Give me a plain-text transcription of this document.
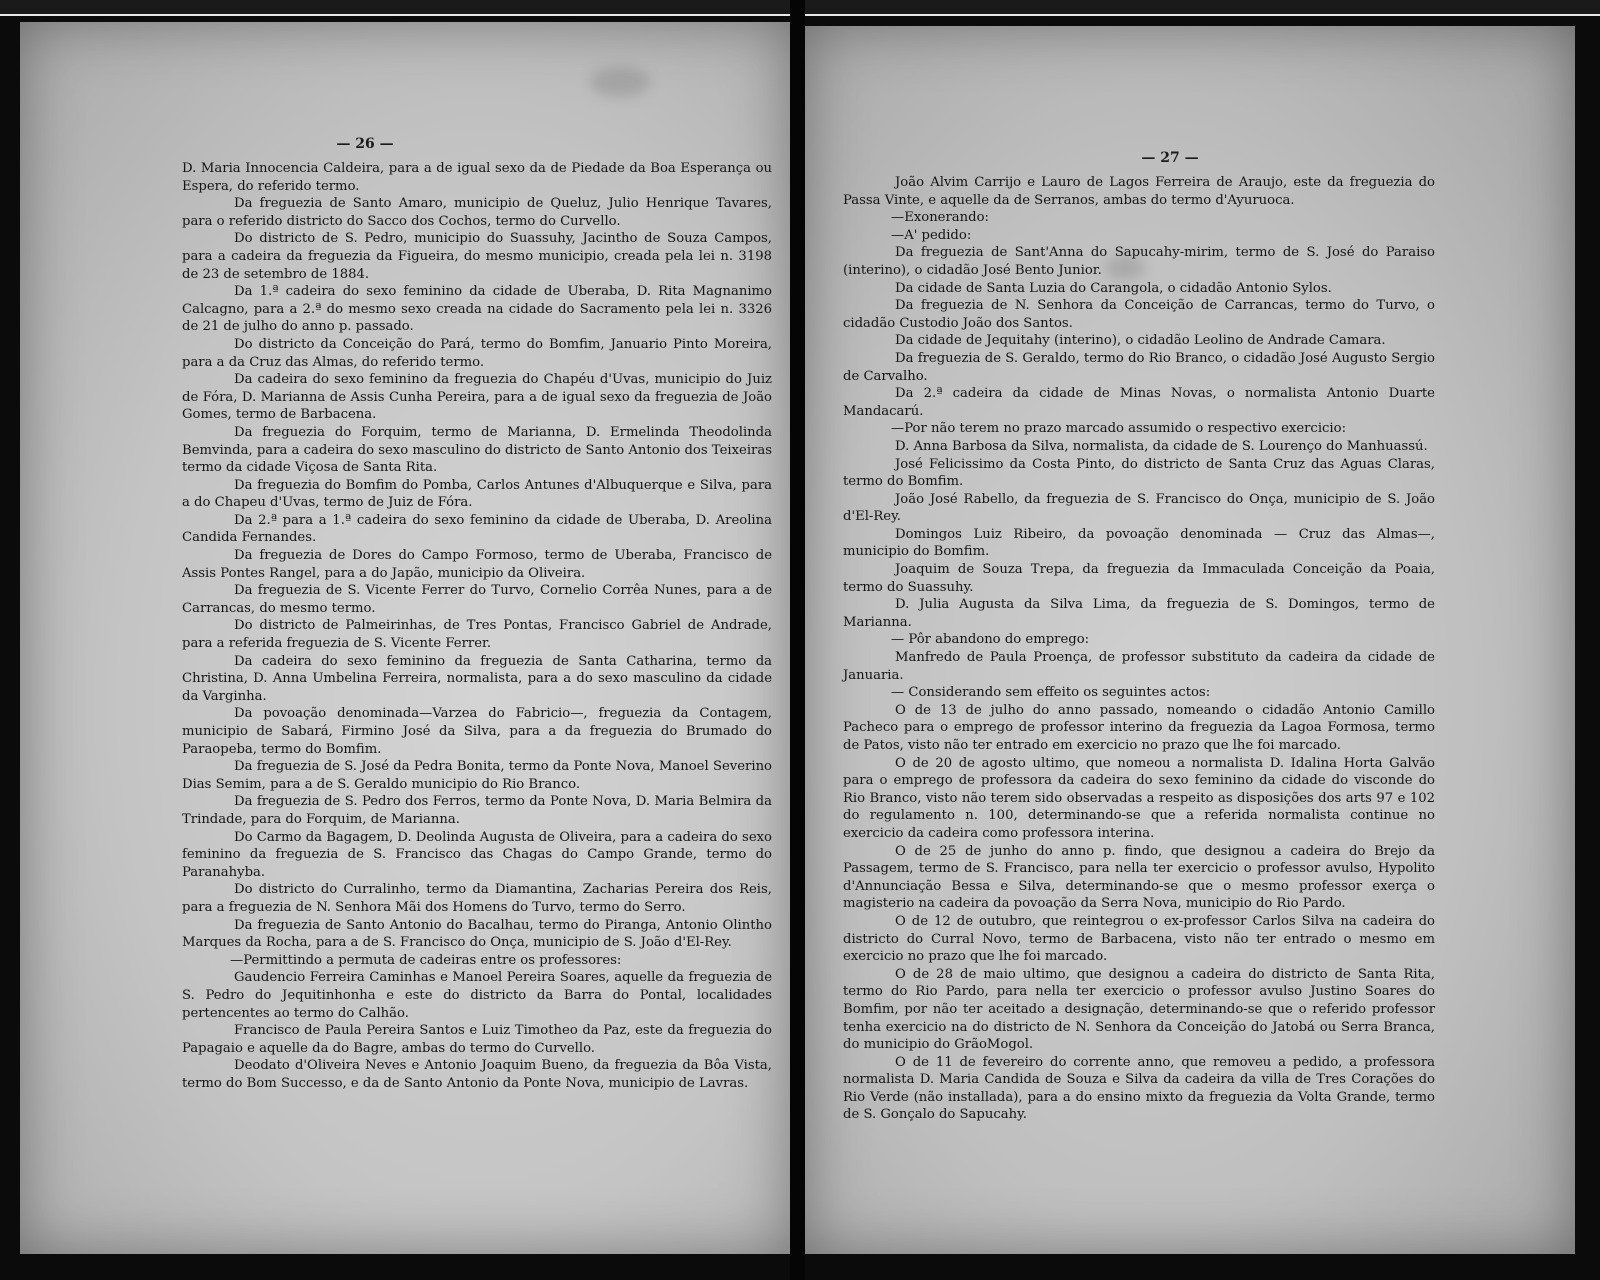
— 26 —

D. Maria Innocencia Caldeira, para a de igual sexo da de Piedade da Boa Esperança ou Espera, do referido termo.

Da freguezia de Santo Amaro, municipio de Queluz, Julio Henrique Tavares, para o referido districto do Sacco dos Cochos, termo do Curvello.

Do districto de S. Pedro, municipio do Suassuhy, Jacintho de Souza Campos, para a cadeira da freguezia da Figueira, do mesmo municipio, creada pela lei n. 3198 de 23 de setembro de 1884.

Da 1.ª cadeira do sexo feminino da cidade de Uberaba, D. Rita Magnanimo Calcagno, para a 2.ª do mesmo sexo creada na cidade do Sacramento pela lei n. 3326 de 21 de julho do anno p. passado.

Do districto da Conceição do Pará, termo do Bomfim, Januario Pinto Moreira, para a da Cruz das Almas, do referido termo.

Da cadeira do sexo feminino da freguezia do Chapéu d'Uvas, municipio do Juiz de Fóra, D. Marianna de Assis Cunha Pereira, para a de igual sexo da freguezia de João Gomes, termo de Barbacena.

Da freguezia do Forquim, termo de Marianna, D. Ermelinda Theodolinda Bemvinda, para a cadeira do sexo masculino do districto de Santo Antonio dos Teixeiras termo da cidade Viçosa de Santa Rita.

Da freguezia do Bomfim do Pomba, Carlos Antunes d'Albuquerque e Silva, para a do Chapeu d'Uvas, termo de Juiz de Fóra.

Da 2.ª para a 1.ª cadeira do sexo feminino da cidade de Uberaba, D. Areolina Candida Fernandes.

Da freguezia de Dores do Campo Formoso, termo de Uberaba, Francisco de Assis Pontes Rangel, para a do Japão, municipio da Oliveira.

Da freguezia de S. Vicente Ferrer do Turvo, Cornelio Corrêa Nunes, para a de Carrancas, do mesmo termo.

Do districto de Palmeirinhas, de Tres Pontas, Francisco Gabriel de Andrade, para a referida freguezia de S. Vicente Ferrer.

Da cadeira do sexo feminino da freguezia de Santa Catharina, termo da Christina, D. Anna Umbelina Ferreira, normalista, para a do sexo masculino da cidade da Varginha.

Da povoação denominada—Varzea do Fabricio—, freguezia da Contagem, municipio de Sabará, Firmino José da Silva, para a da freguezia do Brumado do Paraopeba, termo do Bomfim.

Da freguezia de S. José da Pedra Bonita, termo da Ponte Nova, Manoel Severino Dias Semim, para a de S. Geraldo municipio do Rio Branco.

Da freguezia de S. Pedro dos Ferros, termo da Ponte Nova, D. Maria Belmira da Trindade, para do Forquim, de Marianna.

Do Carmo da Bagagem, D. Deolinda Augusta de Oliveira, para a cadeira do sexo feminino da freguezia de S. Francisco das Chagas do Campo Grande, termo do Paranahyba.

Do districto do Curralinho, termo da Diamantina, Zacharias Pereira dos Reis, para a freguezia de N. Senhora Mãi dos Homens do Turvo, termo do Serro.

Da freguezia de Santo Antonio do Bacalhau, termo do Piranga, Antonio Olintho Marques da Rocha, para a de S. Francisco do Onça, municipio de S. João d'El-Rey.

—Permittindo a permuta de cadeiras entre os professores:

Gaudencio Ferreira Caminhas e Manoel Pereira Soares, aquelle da freguezia de S. Pedro do Jequitinhonha e este do districto da Barra do Pontal, localidades pertencentes ao termo do Calhão.

Francisco de Paula Pereira Santos e Luiz Timotheo da Paz, este da freguezia do Papagaio e aquelle da do Bagre, ambas do termo do Curvello.

Deodato d'Oliveira Neves e Antonio Joaquim Bueno, da freguezia da Bôa Vista, termo do Bom Successo, e da de Santo Antonio da Ponte Nova, municipio de Lavras.

— 27 —

João Alvim Carrijo e Lauro de Lagos Ferreira de Araujo, este da freguezia do Passa Vinte, e aquelle da de Serranos, ambas do termo d'Ayuruoca.

—Exonerando:

—A' pedido:

Da freguezia de Sant'Anna do Sapucahy-mirim, termo de S. José do Paraiso (interino), o cidadão José Bento Junior.

Da cidade de Santa Luzia do Carangola, o cidadão Antonio Sylos.

Da freguezia de N. Senhora da Conceição de Carrancas, termo do Turvo, o cidadão Custodio João dos Santos.

Da cidade de Jequitahy (interino), o cidadão Leolino de Andrade Camara.

Da freguezia de S. Geraldo, termo do Rio Branco, o cidadão José Augusto Sergio de Carvalho.

Da 2.ª cadeira da cidade de Minas Novas, o normalista Antonio Duarte Mandacarú.

—Por não terem no prazo marcado assumido o respectivo exercicio:

D. Anna Barbosa da Silva, normalista, da cidade de S. Lourenço do Manhuassú.

José Felicissimo da Costa Pinto, do districto de Santa Cruz das Aguas Claras, termo do Bomfim.

João José Rabello, da freguezia de S. Francisco do Onça, municipio de S. João d'El-Rey.

Domingos Luiz Ribeiro, da povoação denominada — Cruz das Almas—, municipio do Bomfim.

Joaquim de Souza Trepa, da freguezia da Immaculada Conceição da Poaia, termo do Suassuhy.

D. Julia Augusta da Silva Lima, da freguezia de S. Domingos, termo de Marianna.

— Pôr abandono do emprego:

Manfredo de Paula Proença, de professor substituto da cadeira da cidade de Januaria.

— Considerando sem effeito os seguintes actos:

O de 13 de julho do anno passado, nomeando o cidadão Antonio Camillo Pacheco para o emprego de professor interino da freguezia da Lagoa Formosa, termo de Patos, visto não ter entrado em exercicio no prazo que lhe foi marcado.

O de 20 de agosto ultimo, que nomeou a normalista D. Idalina Horta Galvão para o emprego de professora da cadeira do sexo feminino da cidade do visconde do Rio Branco, visto não terem sido observadas a respeito as disposições dos arts 97 e 102 do regulamento n. 100, determinando-se que a referida normalista continue no exercicio da cadeira como professora interina.

O de 25 de junho do anno p. findo, que designou a cadeira do Brejo da Passagem, termo de S. Francisco, para nella ter exercicio o professor avulso, Hypolito d'Annunciação Bessa e Silva, determinando-se que o mesmo professor exerça o magisterio na cadeira da povoação da Serra Nova, municipio do Rio Pardo.

O de 12 de outubro, que reintegrou o ex-professor Carlos Silva na cadeira do districto do Curral Novo, termo de Barbacena, visto não ter entrado o mesmo em exercicio no prazo que lhe foi marcado.

O de 28 de maio ultimo, que designou a cadeira do districto de Santa Rita, termo do Rio Pardo, para nella ter exercicio o professor avulso Justino Soares do Bomfim, por não ter aceitado a designação, determinando-se que o referido professor tenha exercicio na do districto de N. Senhora da Conceição do Jatobá ou Serra Branca, do municipio do GrãoMogol.

O de 11 de fevereiro do corrente anno, que removeu a pedido, a professora normalista D. Maria Candida de Souza e Silva da cadeira da villa de Tres Corações do Rio Verde (não installada), para a do ensino mixto da freguezia da Volta Grande, termo de S. Gonçalo do Sapucahy.
